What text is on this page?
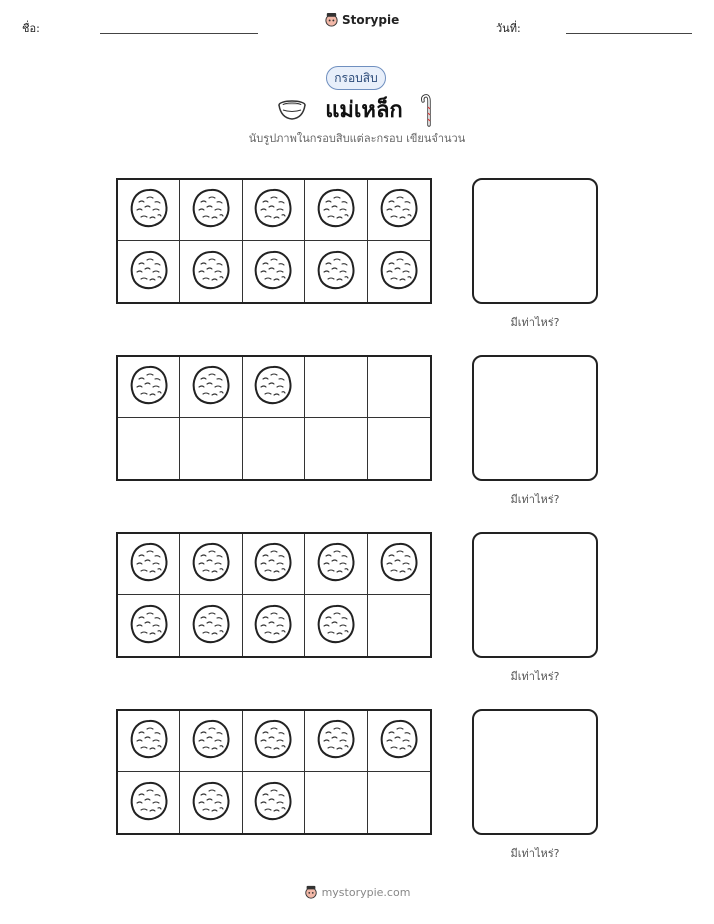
ชื่อ:
Storypie
วันที่:
กรอบสิบ
แม่เหล็ก
นับรูปภาพในกรอบสิบแต่ละกรอบ เขียนจำนวน
มีเท่าไหร่?
มีเท่าไหร่?
มีเท่าไหร่?
มีเท่าไหร่?
mystorypie.com
